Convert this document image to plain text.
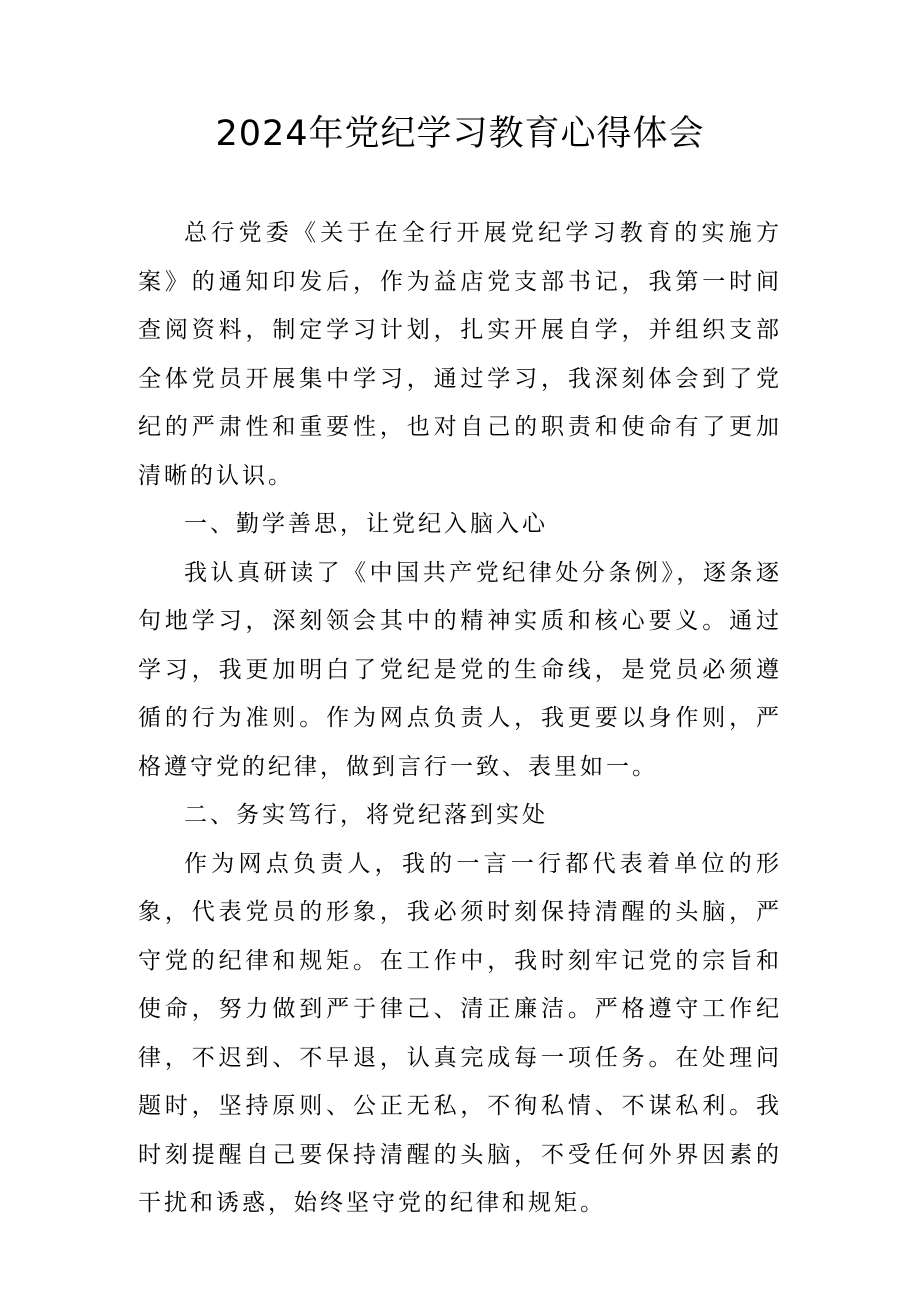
2024年党纪学习教育心得体会

总行党委《关于在全行开展党纪学习教育的实施方案》的通知印发后，作为益店党支部书记，我第一时间查阅资料，制定学习计划，扎实开展自学，并组织支部全体党员开展集中学习，通过学习，我深刻体会到了党纪的严肃性和重要性，也对自己的职责和使命有了更加清晰的认识。

一、勤学善思，让党纪入脑入心

我认真研读了《中国共产党纪律处分条例》，逐条逐句地学习，深刻领会其中的精神实质和核心要义。通过学习，我更加明白了党纪是党的生命线，是党员必须遵循的行为准则。作为网点负责人，我更要以身作则，严格遵守党的纪律，做到言行一致、表里如一。

二、务实笃行，将党纪落到实处

作为网点负责人，我的一言一行都代表着单位的形象，代表党员的形象，我必须时刻保持清醒的头脑，严守党的纪律和规矩。在工作中，我时刻牢记党的宗旨和使命，努力做到严于律己、清正廉洁。严格遵守工作纪律，不迟到、不早退，认真完成每一项任务。在处理问题时，坚持原则、公正无私，不徇私情、不谋私利。我时刻提醒自己要保持清醒的头脑，不受任何外界因素的干扰和诱惑，始终坚守党的纪律和规矩。
